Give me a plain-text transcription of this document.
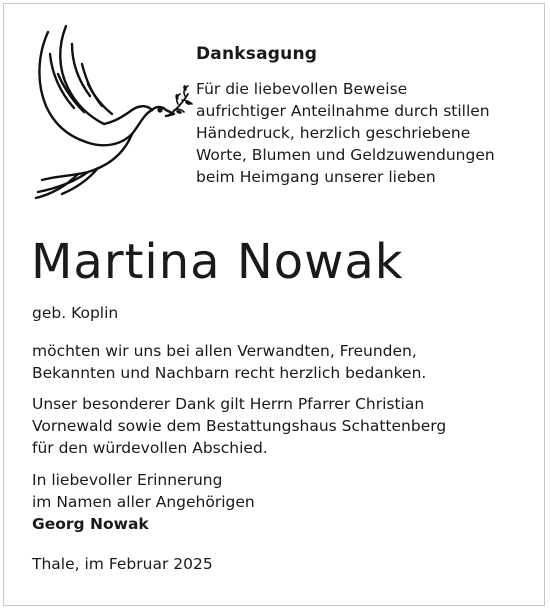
Danksagung
Für die liebevollen Beweise
aufrichtiger Anteilnahme durch stillen
Händedruck, herzlich geschriebene
Worte, Blumen und Geldzuwendungen
beim Heimgang unserer lieben
Martina Nowak
geb. Koplin
möchten wir uns bei allen Verwandten, Freunden,
Bekannten und Nachbarn recht herzlich bedanken.
Unser besonderer Dank gilt Herrn Pfarrer Christian
Vornewald sowie dem Bestattungshaus Schattenberg
für den würdevollen Abschied.
In liebevoller Erinnerung
im Namen aller Angehörigen
Georg Nowak
Thale, im Februar 2025
